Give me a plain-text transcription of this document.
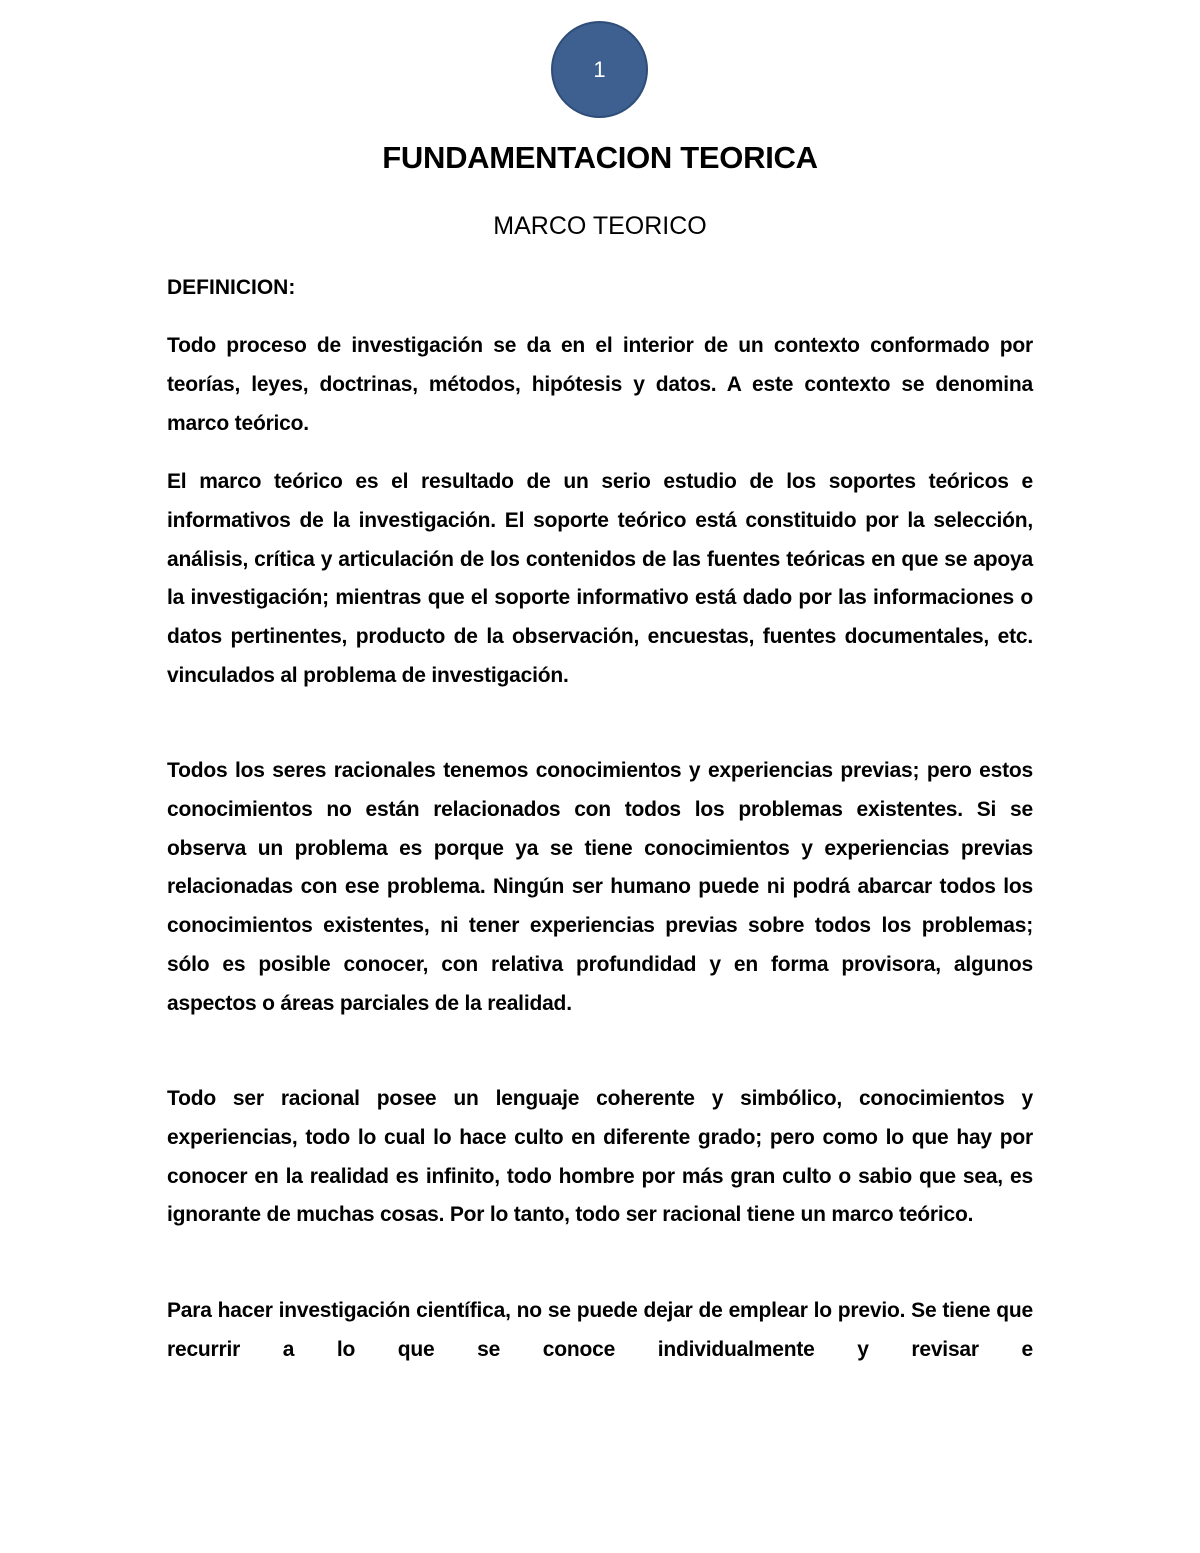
1
FUNDAMENTACION TEORICA
MARCO TEORICO

DEFINICION:

Todo proceso de investigación se da en el interior de un contexto conformado por teorías, leyes, doctrinas, métodos, hipótesis y datos. A este contexto se denomina marco teórico.

El marco teórico es el resultado de un serio estudio de los soportes teóricos e informativos de la investigación. El soporte teórico está constituido por la selección, análisis, crítica y articulación de los contenidos de las fuentes teóricas en que se apoya la investigación; mientras que el soporte informativo está dado por las informaciones o datos pertinentes, producto de la observación, encuestas, fuentes documentales, etc. vinculados al problema de investigación.

Todos los seres racionales tenemos conocimientos y experiencias previas; pero estos conocimientos no están relacionados con todos los problemas existentes. Si se observa un problema es porque ya se tiene conocimientos y experiencias previas relacionadas con ese problema. Ningún ser humano puede ni podrá abarcar todos los conocimientos existentes, ni tener experiencias previas sobre todos los problemas; sólo es posible conocer, con relativa profundidad y en forma provisora, algunos aspectos o áreas parciales de la realidad.

Todo ser racional posee un lenguaje coherente y simbólico, conocimientos y experiencias, todo lo cual lo hace culto en diferente grado; pero como lo que hay por conocer en la realidad es infinito, todo hombre por más gran culto o sabio que sea, es ignorante de muchas cosas. Por lo tanto, todo ser racional tiene un marco teórico.

Para hacer investigación científica, no se puede dejar de emplear lo previo. Se tiene que recurrir a lo que se conoce individualmente y revisar e
